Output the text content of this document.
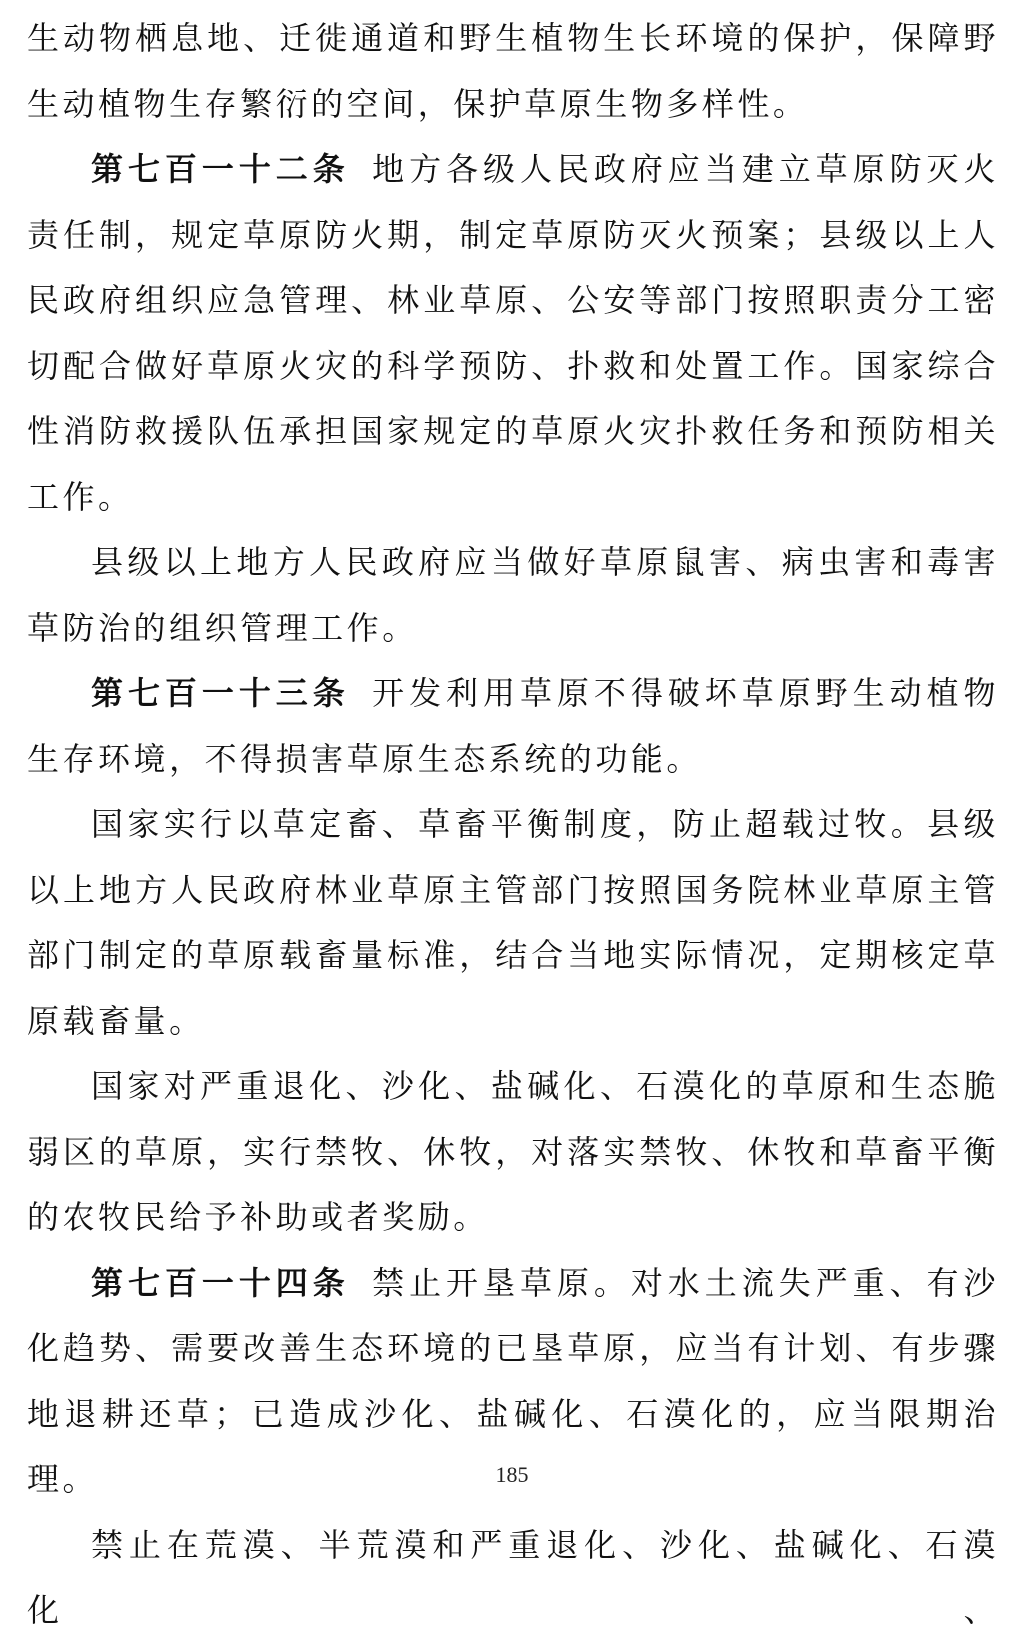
生动物栖息地、迁徙通道和野生植物生长环境的保护，保障野生动植物生存繁衍的空间，保护草原生物多样性。

第七百一十二条 地方各级人民政府应当建立草原防灭火责任制，规定草原防火期，制定草原防灭火预案；县级以上人民政府组织应急管理、林业草原、公安等部门按照职责分工密切配合做好草原火灾的科学预防、扑救和处置工作。国家综合性消防救援队伍承担国家规定的草原火灾扑救任务和预防相关工作。

县级以上地方人民政府应当做好草原鼠害、病虫害和毒害草防治的组织管理工作。

第七百一十三条 开发利用草原不得破坏草原野生动植物生存环境，不得损害草原生态系统的功能。

国家实行以草定畜、草畜平衡制度，防止超载过牧。县级以上地方人民政府林业草原主管部门按照国务院林业草原主管部门制定的草原载畜量标准，结合当地实际情况，定期核定草原载畜量。

国家对严重退化、沙化、盐碱化、石漠化的草原和生态脆弱区的草原，实行禁牧、休牧，对落实禁牧、休牧和草畜平衡的农牧民给予补助或者奖励。

第七百一十四条 禁止开垦草原。对水土流失严重、有沙化趋势、需要改善生态环境的已垦草原，应当有计划、有步骤地退耕还草；已造成沙化、盐碱化、石漠化的，应当限期治理。

禁止在荒漠、半荒漠和严重退化、沙化、盐碱化、石漠化、

185
